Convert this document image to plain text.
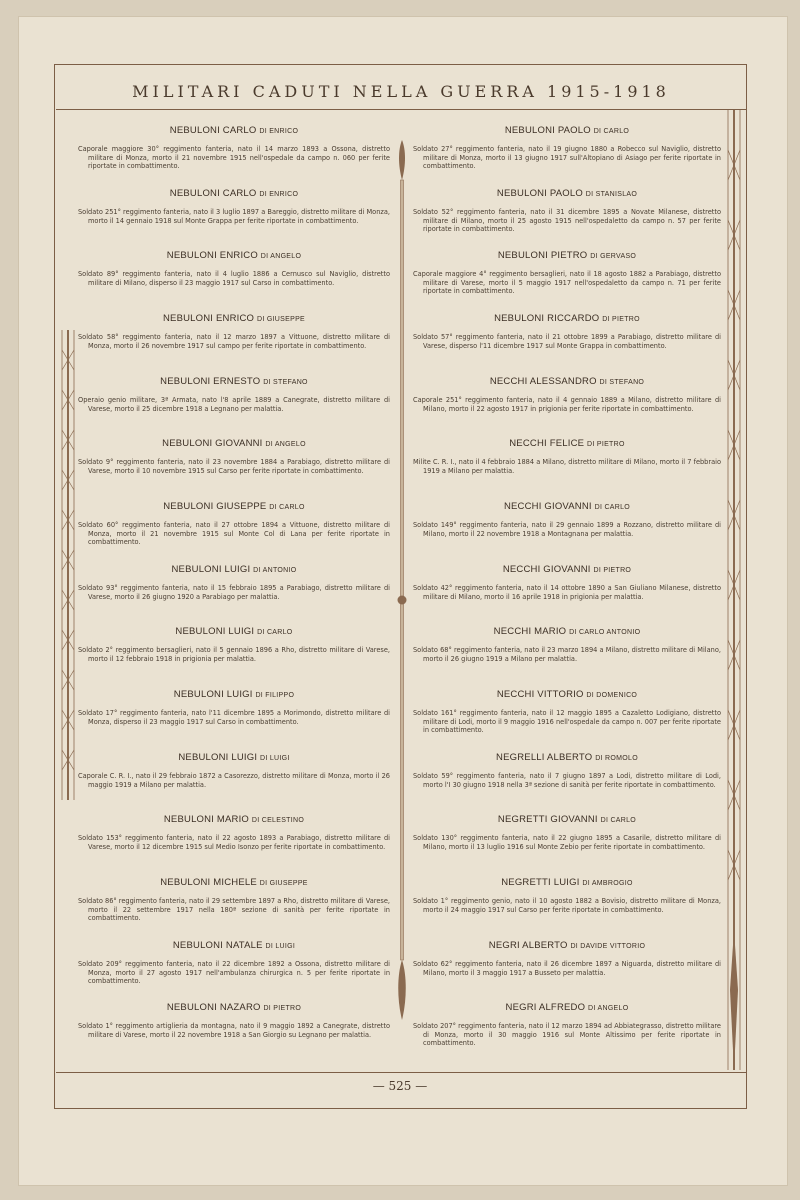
MILITARI CADUTI NELLA GUERRA 1915-1918
NEBULONI CARLO DI ENRICO
Caporale maggiore 30° reggimento fanteria, nato il 14 marzo 1893 a Ossona, distretto militare di Monza, morto il 21 novembre 1915 nell'ospedale da campo n. 060 per ferite riportate in combattimento.
NEBULONI CARLO DI ENRICO
Soldato 251° reggimento fanteria, nato il 3 luglio 1897 a Bareggio, distretto militare di Monza, morto il 14 gennaio 1918 sul Monte Grappa per ferite riportate in combattimento.
NEBULONI ENRICO DI ANGELO
Soldato 89° reggimento fanteria, nato il 4 luglio 1886 a Cernusco sul Naviglio, distretto militare di Milano, disperso il 23 maggio 1917 sul Carso in combattimento.
NEBULONI ENRICO DI GIUSEPPE
Soldato 58° reggimento fanteria, nato il 12 marzo 1897 a Vittuone, distretto militare di Monza, morto il 26 novembre 1917 sul campo per ferite riportate in combattimento.
NEBULONI ERNESTO DI STEFANO
Operaio genio militare, 3ª Armata, nato l'8 aprile 1889 a Canegrate, distretto militare di Varese, morto il 25 dicembre 1918 a Legnano per malattia.
NEBULONI GIOVANNI DI ANGELO
Soldato 9° reggimento fanteria, nato il 23 novembre 1884 a Parabiago, distretto militare di Varese, morto il 10 novembre 1915 sul Carso per ferite riportate in combattimento.
NEBULONI GIUSEPPE DI CARLO
Soldato 60° reggimento fanteria, nato il 27 ottobre 1894 a Vittuone, distretto militare di Monza, morto il 21 novembre 1915 sul Monte Col di Lana per ferite riportate in combattimento.
NEBULONI LUIGI DI ANTONIO
Soldato 93° reggimento fanteria, nato il 15 febbraio 1895 a Parabiago, distretto militare di Varese, morto il 26 giugno 1920 a Parabiago per malattia.
NEBULONI LUIGI DI CARLO
Soldato 2° reggimento bersaglieri, nato il 5 gennaio 1896 a Rho, distretto militare di Varese, morto il 12 febbraio 1918 in prigionia per malattia.
NEBULONI LUIGI DI FILIPPO
Soldato 17° reggimento fanteria, nato l'11 dicembre 1895 a Morimondo, distretto militare di Monza, disperso il 23 maggio 1917 sul Carso in combattimento.
NEBULONI LUIGI DI LUIGI
Caporale C. R. I., nato il 29 febbraio 1872 a Casorezzo, distretto militare di Monza, morto il 26 maggio 1919 a Milano per malattia.
NEBULONI MARIO DI CELESTINO
Soldato 153° reggimento fanteria, nato il 22 agosto 1893 a Parabiago, distretto militare di Varese, morto il 12 dicembre 1915 sul Medio Isonzo per ferite riportate in combattimento.
NEBULONI MICHELE DI GIUSEPPE
Soldato 86° reggimento fanteria, nato il 29 settembre 1897 a Rho, distretto militare di Varese, morto il 22 settembre 1917 nella 180ª sezione di sanità per ferite riportate in combattimento.
NEBULONI NATALE DI LUIGI
Soldato 209° reggimento fanteria, nato il 22 dicembre 1892 a Ossona, distretto militare di Monza, morto il 27 agosto 1917 nell'ambulanza chirurgica n. 5 per ferite riportate in combattimento.
NEBULONI NAZARO DI PIETRO
Soldato 1° reggimento artiglieria da montagna, nato il 9 maggio 1892 a Canegrate, distretto militare di Varese, morto il 22 novembre 1918 a San Giorgio su Legnano per malattia.
NEBULONI PAOLO DI CARLO
Soldato 27° reggimento fanteria, nato il 19 giugno 1880 a Robecco sul Naviglio, distretto militare di Monza, morto il 13 giugno 1917 sull'Altopiano di Asiago per ferite riportate in combattimento.
NEBULONI PAOLO DI STANISLAO
Soldato 52° reggimento fanteria, nato il 31 dicembre 1895 a Novate Milanese, distretto militare di Milano, morto il 25 agosto 1915 nell'ospedaletto da campo n. 57 per ferite riportate in combattimento.
NEBULONI PIETRO DI GERVASO
Caporale maggiore 4° reggimento bersaglieri, nato il 18 agosto 1882 a Parabiago, distretto militare di Varese, morto il 5 maggio 1917 nell'ospedaletto da campo n. 71 per ferite riportate in combattimento.
NEBULONI RICCARDO DI PIETRO
Soldato 57° reggimento fanteria, nato il 21 ottobre 1899 a Parabiago, distretto militare di Varese, disperso l'11 dicembre 1917 sul Monte Grappa in combattimento.
NECCHI ALESSANDRO DI STEFANO
Caporale 251° reggimento fanteria, nato il 4 gennaio 1889 a Milano, distretto militare di Milano, morto il 22 agosto 1917 in prigionia per ferite riportate in combattimento.
NECCHI FELICE DI PIETRO
Milite C. R. I., nato il 4 febbraio 1884 a Milano, distretto militare di Milano, morto il 7 febbraio 1919 a Milano per malattia.
NECCHI GIOVANNI DI CARLO
Soldato 149° reggimento fanteria, nato il 29 gennaio 1899 a Rozzano, distretto militare di Milano, morto il 22 novembre 1918 a Montagnana per malattia.
NECCHI GIOVANNI DI PIETRO
Soldato 42° reggimento fanteria, nato il 14 ottobre 1890 a San Giuliano Milanese, distretto militare di Milano, morto il 16 aprile 1918 in prigionia per malattia.
NECCHI MARIO DI CARLO ANTONIO
Soldato 68° reggimento fanteria, nato il 23 marzo 1894 a Milano, distretto militare di Milano, morto il 26 giugno 1919 a Milano per malattia.
NECCHI VITTORIO DI DOMENICO
Soldato 161° reggimento fanteria, nato il 12 maggio 1895 a Cazaletto Lodigiano, distretto militare di Lodi, morto il 9 maggio 1916 nell'ospedale da campo n. 007 per ferite riportate in combattimento.
NEGRELLI ALBERTO DI ROMOLO
Soldato 59° reggimento fanteria, nato il 7 giugno 1897 a Lodi, distretto militare di Lodi, morto l'I 30 giugno 1918 nella 3ª sezione di sanità per ferite riportate in combattimento.
NEGRETTI GIOVANNI DI CARLO
Soldato 130° reggimento fanteria, nato il 22 giugno 1895 a Casarile, distretto militare di Milano, morto il 13 luglio 1916 sul Monte Zebio per ferite riportate in combattimento.
NEGRETTI LUIGI DI AMBROGIO
Soldato 1° reggimento genio, nato il 10 agosto 1882 a Bovisio, distretto militare di Monza, morto il 24 maggio 1917 sul Carso per ferite riportate in combattimento.
NEGRI ALBERTO DI DAVIDE VITTORIO
Soldato 62° reggimento fanteria, nato il 26 dicembre 1897 a Niguarda, distretto militare di Milano, morto il 3 maggio 1917 a Busseto per malattia.
NEGRI ALFREDO DI ANGELO
Soldato 207° reggimento fanteria, nato il 12 marzo 1894 ad Abbiategrasso, distretto militare di Monza, morto il 30 maggio 1916 sul Monte Altissimo per ferite riportate in combattimento.
— 525 —
